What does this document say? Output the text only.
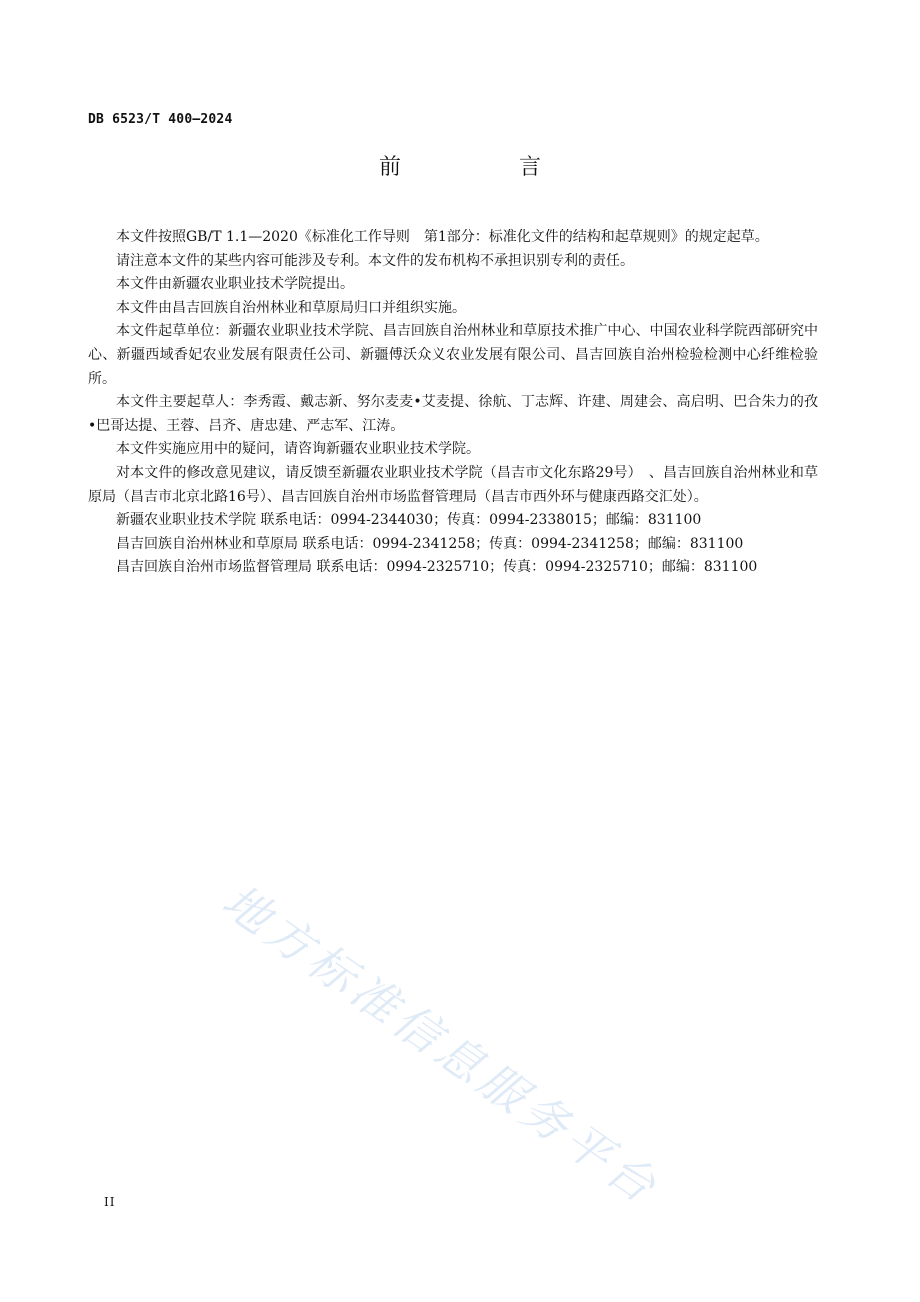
DB 6523/T 400—2024
前　言

本文件按照GB/T 1.1—2020《标准化工作导则　第1部分：标准化文件的结构和起草规则》的规定起草。

请注意本文件的某些内容可能涉及专利。本文件的发布机构不承担识别专利的责任。

本文件由新疆农业职业技术学院提出。

本文件由昌吉回族自治州林业和草原局归口并组织实施。

本文件起草单位：新疆农业职业技术学院、昌吉回族自治州林业和草原技术推广中心、中国农业科学院西部研究中心、新疆西域香妃农业发展有限责任公司、新疆傅沃众义农业发展有限公司、昌吉回族自治州检验检测中心纤维检验所。

本文件主要起草人：李秀霞、戴志新、努尔麦麦•艾麦提、徐航、丁志辉、许建、周建会、高启明、巴合朱力的孜•巴哥达提、王蓉、吕齐、唐忠建、严志军、江涛。

本文件实施应用中的疑问，请咨询新疆农业职业技术学院。

对本文件的修改意见建议，请反馈至新疆农业职业技术学院（昌吉市文化东路29号）　、昌吉回族自治州林业和草原局（昌吉市北京北路16号）、昌吉回族自治州市场监督管理局（昌吉市西外环与健康西路交汇处）。

新疆农业职业技术学院 联系电话：0994-2344030；传真：0994-2338015；邮编：831100

昌吉回族自治州林业和草原局 联系电话：0994-2341258；传真：0994-2341258；邮编：831100

昌吉回族自治州市场监督管理局 联系电话：0994-2325710；传真：0994-2325710；邮编：831100

地方标准信息服务平台
II
